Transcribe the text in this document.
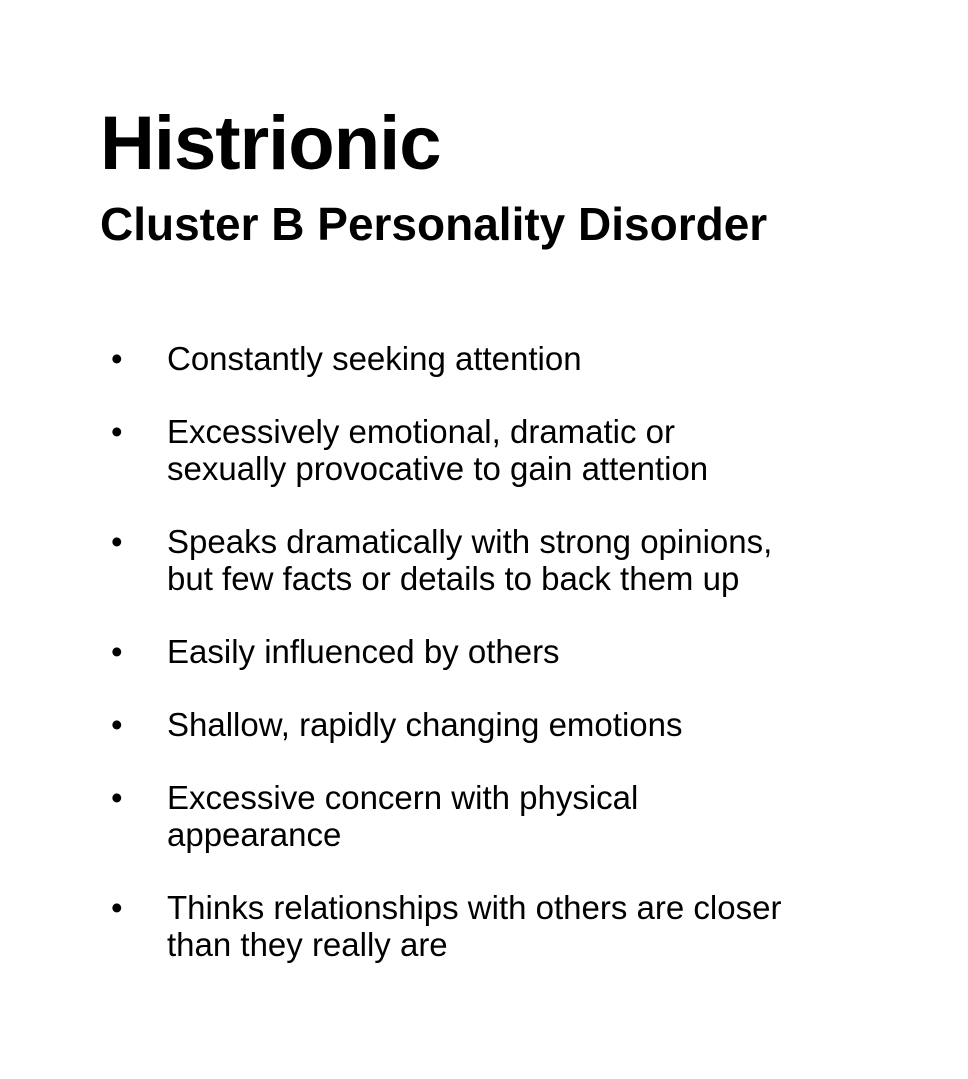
Histrionic
Cluster B Personality Disorder
• Constantly seeking attention
• Excessively emotional, dramatic or
sexually provocative to gain attention
• Speaks dramatically with strong opinions,
but few facts or details to back them up
• Easily influenced by others
• Shallow, rapidly changing emotions
• Excessive concern with physical
appearance
• Thinks relationships with others are closer
than they really are
